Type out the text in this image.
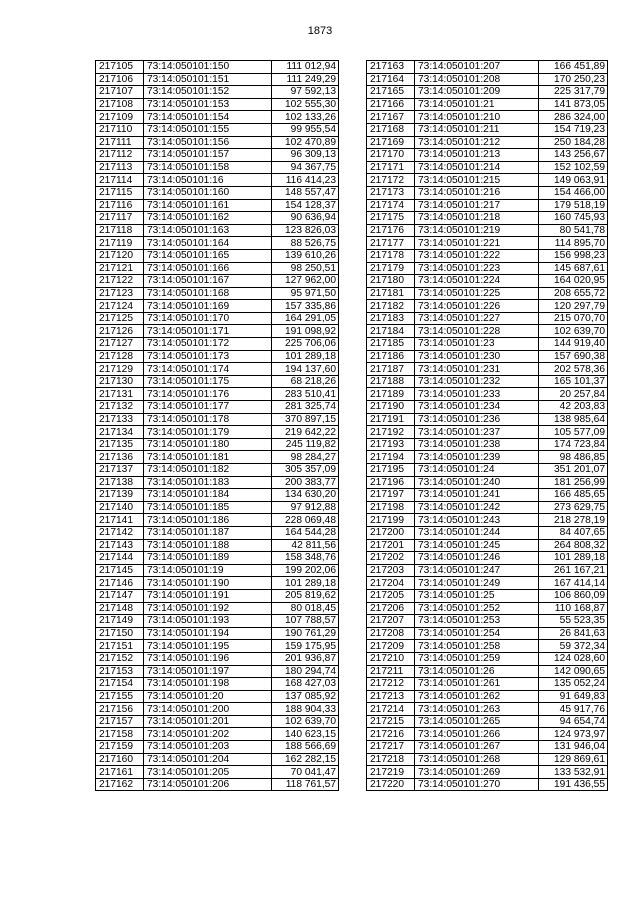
1873
217105	73:14:050101:150	111 012,94
217106	73:14:050101:151	111 249,29
217107	73:14:050101:152	97 592,13
217108	73:14:050101:153	102 555,30
217109	73:14:050101:154	102 133,26
217110	73:14:050101:155	99 955,54
217111	73:14:050101:156	102 470,89
217112	73:14:050101:157	96 309,13
217113	73:14:050101:158	94 367,75
217114	73:14:050101:16	116 414,23
217115	73:14:050101:160	148 557,47
217116	73:14:050101:161	154 128,37
217117	73:14:050101:162	90 636,94
217118	73:14:050101:163	123 826,03
217119	73:14:050101:164	88 526,75
217120	73:14:050101:165	139 610,26
217121	73:14:050101:166	98 250,51
217122	73:14:050101:167	127 962,00
217123	73:14:050101:168	95 971,50
217124	73:14:050101:169	157 335,86
217125	73:14:050101:170	164 291,05
217126	73:14:050101:171	191 098,92
217127	73:14:050101:172	225 706,06
217128	73:14:050101:173	101 289,18
217129	73:14:050101:174	194 137,60
217130	73:14:050101:175	68 218,26
217131	73:14:050101:176	283 510,41
217132	73:14:050101:177	281 325,74
217133	73:14:050101:178	370 897,15
217134	73:14:050101:179	219 642,22
217135	73:14:050101:180	245 119,82
217136	73:14:050101:181	98 284,27
217137	73:14:050101:182	305 357,09
217138	73:14:050101:183	200 383,77
217139	73:14:050101:184	134 630,20
217140	73:14:050101:185	97 912,88
217141	73:14:050101:186	228 069,48
217142	73:14:050101:187	164 544,28
217143	73:14:050101:188	42 811,56
217144	73:14:050101:189	158 348,76
217145	73:14:050101:19	199 202,06
217146	73:14:050101:190	101 289,18
217147	73:14:050101:191	205 819,62
217148	73:14:050101:192	80 018,45
217149	73:14:050101:193	107 788,57
217150	73:14:050101:194	190 761,29
217151	73:14:050101:195	159 175,95
217152	73:14:050101:196	201 936,87
217153	73:14:050101:197	180 294,74
217154	73:14:050101:198	168 427,03
217155	73:14:050101:20	137 085,92
217156	73:14:050101:200	188 904,33
217157	73:14:050101:201	102 639,70
217158	73:14:050101:202	140 623,15
217159	73:14:050101:203	188 566,69
217160	73:14:050101:204	162 282,15
217161	73:14:050101:205	70 041,47
217162	73:14:050101:206	118 761,57
217163	73:14:050101:207	166 451,89
217164	73:14:050101:208	170 250,23
217165	73:14:050101:209	225 317,79
217166	73:14:050101:21	141 873,05
217167	73:14:050101:210	286 324,00
217168	73:14:050101:211	154 719,23
217169	73:14:050101:212	250 184,28
217170	73:14:050101:213	143 256,67
217171	73:14:050101:214	152 102,59
217172	73:14:050101:215	149 063,91
217173	73:14:050101:216	154 466,00
217174	73:14:050101:217	179 518,19
217175	73:14:050101:218	160 745,93
217176	73:14:050101:219	80 541,78
217177	73:14:050101:221	114 895,70
217178	73:14:050101:222	156 998,23
217179	73:14:050101:223	145 687,61
217180	73:14:050101:224	164 020,95
217181	73:14:050101:225	208 655,72
217182	73:14:050101:226	120 297,79
217183	73:14:050101:227	215 070,70
217184	73:14:050101:228	102 639,70
217185	73:14:050101:23	144 919,40
217186	73:14:050101:230	157 690,38
217187	73:14:050101:231	202 578,36
217188	73:14:050101:232	165 101,37
217189	73:14:050101:233	20 257,84
217190	73:14:050101:234	42 203,83
217191	73:14:050101:236	138 985,64
217192	73:14:050101:237	105 577,09
217193	73:14:050101:238	174 723,84
217194	73:14:050101:239	98 486,85
217195	73:14:050101:24	351 201,07
217196	73:14:050101:240	181 256,99
217197	73:14:050101:241	166 485,65
217198	73:14:050101:242	273 629,75
217199	73:14:050101:243	218 278,19
217200	73:14:050101:244	84 407,65
217201	73:14:050101:245	264 808,32
217202	73:14:050101:246	101 289,18
217203	73:14:050101:247	261 167,21
217204	73:14:050101:249	167 414,14
217205	73:14:050101:25	106 860,09
217206	73:14:050101:252	110 168,87
217207	73:14:050101:253	55 523,35
217208	73:14:050101:254	26 841,63
217209	73:14:050101:258	59 372,34
217210	73:14:050101:259	124 028,60
217211	73:14:050101:26	142 090,65
217212	73:14:050101:261	135 052,24
217213	73:14:050101:262	91 649,83
217214	73:14:050101:263	45 917,76
217215	73:14:050101:265	94 654,74
217216	73:14:050101:266	124 973,97
217217	73:14:050101:267	131 946,04
217218	73:14:050101:268	129 869,61
217219	73:14:050101:269	133 532,91
217220	73:14:050101:270	191 436,55
